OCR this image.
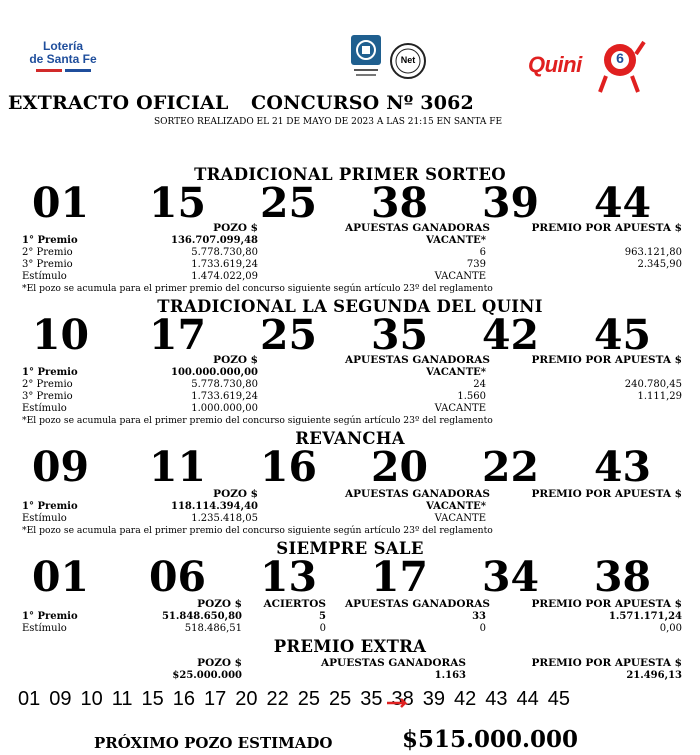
Lotería
de Santa Fe	Net	Quini 6
EXTRACTO OFICIAL CONCURSO Nº 3062
SORTEO REALIZADO EL 21 DE MAYO DE 2023 A LAS 21:15 EN SANTA FE
TRADICIONAL PRIMER SORTEO
01 15 25 38 39 44
POZO $	APUESTAS GANADORAS	PREMIO POR APUESTA $
1° Premio	136.707.099,48	VACANTE*
2° Premio	5.778.730,80	6	963.121,80
3° Premio	1.733.619,24	739	2.345,90
Estímulo	1.474.022,09	VACANTE
*El pozo se acumula para el primer premio del concurso siguiente según artículo 23º del reglamento
TRADICIONAL LA SEGUNDA DEL QUINI
10 17 25 35 42 45
POZO $	APUESTAS GANADORAS	PREMIO POR APUESTA $
1° Premio	100.000.000,00	VACANTE*
2° Premio	5.778.730,80	24	240.780,45
3° Premio	1.733.619,24	1.560	1.111,29
Estímulo	1.000.000,00	VACANTE
*El pozo se acumula para el primer premio del concurso siguiente según artículo 23º del reglamento
REVANCHA
09 11 16 20 22 43
POZO $	APUESTAS GANADORAS	PREMIO POR APUESTA $
1° Premio	118.114.394,40	VACANTE*
Estímulo	1.235.418,05	VACANTE
*El pozo se acumula para el primer premio del concurso siguiente según artículo 23º del reglamento
SIEMPRE SALE
01 06 13 17 34 38
POZO $	ACIERTOS	APUESTAS GANADORAS	PREMIO POR APUESTA $
1° Premio	51.848.650,80	5	33	1.571.171,24
Estímulo	518.486,51	0	0	0,00
PREMIO EXTRA
POZO $	APUESTAS GANADORAS	PREMIO POR APUESTA $
$25.000.000	1.163	21.496,13
01 09 10 11 15 16 17 20 22 25 25 35 38 39 42 43 44 45
PRÓXIMO POZO ESTIMADO	$515.000.000
